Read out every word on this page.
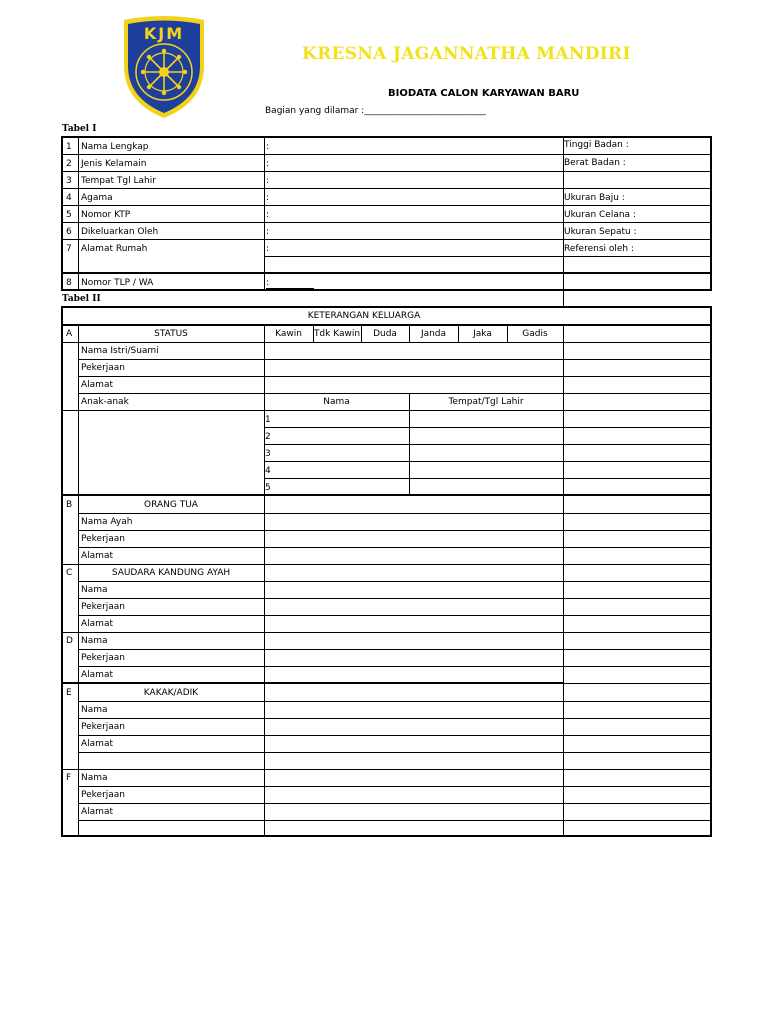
KJM
KRESNA JAGANNATHA MANDIRI
BIODATA CALON KARYAWAN BARU
Bagian yang dilamar :___________________________
Tabel I
1 Nama Lengkap	:	Tinggi Badan :
2 Jenis Kelamain	:	Berat Badan :
3 Tempat Tgl Lahir	:
4 Agama	:	Ukuran Baju :
5 Nomor KTP	:	Ukuran Celana :
6 Dikeluarkan Oleh	:	Ukuran Sepatu :
7 Alamat Rumah	:	Referensi oleh :
8 Nomor TLP / WA	:
Tabel II
KETERANGAN KELUARGA
A	STATUS	Kawin	Tdk Kawin	Duda	Janda	Jaka	Gadis
Nama Istri/Suami
Pekerjaan
Alamat
Anak-anak	Nama	Tempat/Tgl Lahir
1
2
3
4
5
B	ORANG TUA
Nama Ayah
Pekerjaan
Alamat
C	SAUDARA KANDUNG AYAH
Nama
Pekerjaan
Alamat
D Nama
Pekerjaan
Alamat
E	KAKAK/ADIK
Nama
Pekerjaan
Alamat
F Nama
Pekerjaan
Alamat
